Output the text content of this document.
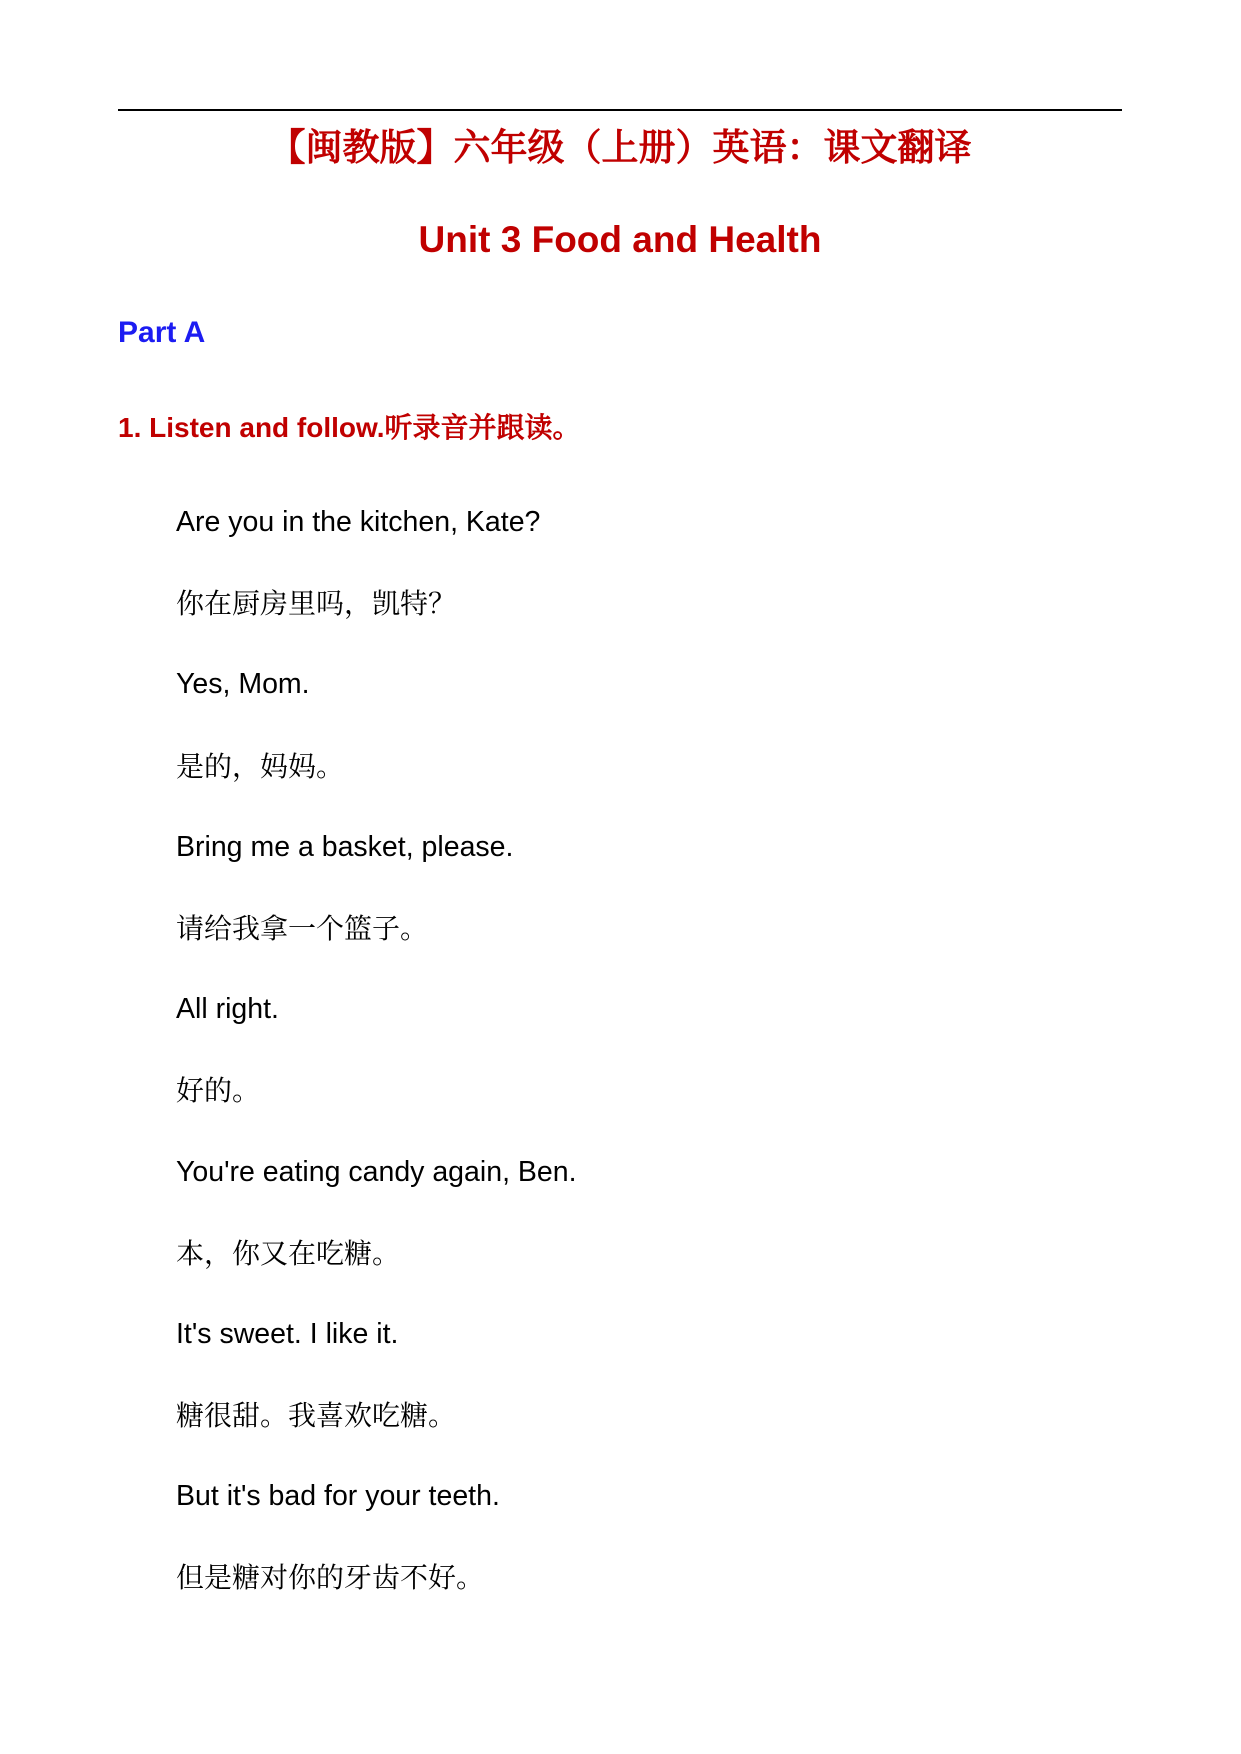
【闽教版】六年级（上册）英语：课文翻译
Unit 3 Food and Health
Part A
1. Listen and follow.听录音并跟读。
Are you in the kitchen, Kate?
你在厨房里吗，凯特？
Yes, Mom.
是的，妈妈。
Bring me a basket, please.
请给我拿一个篮子。
All right.
好的。
You're eating candy again, Ben.
本，你又在吃糖。
It's sweet. I like it.
糖很甜。我喜欢吃糖。
But it's bad for your teeth.
但是糖对你的牙齿不好。
